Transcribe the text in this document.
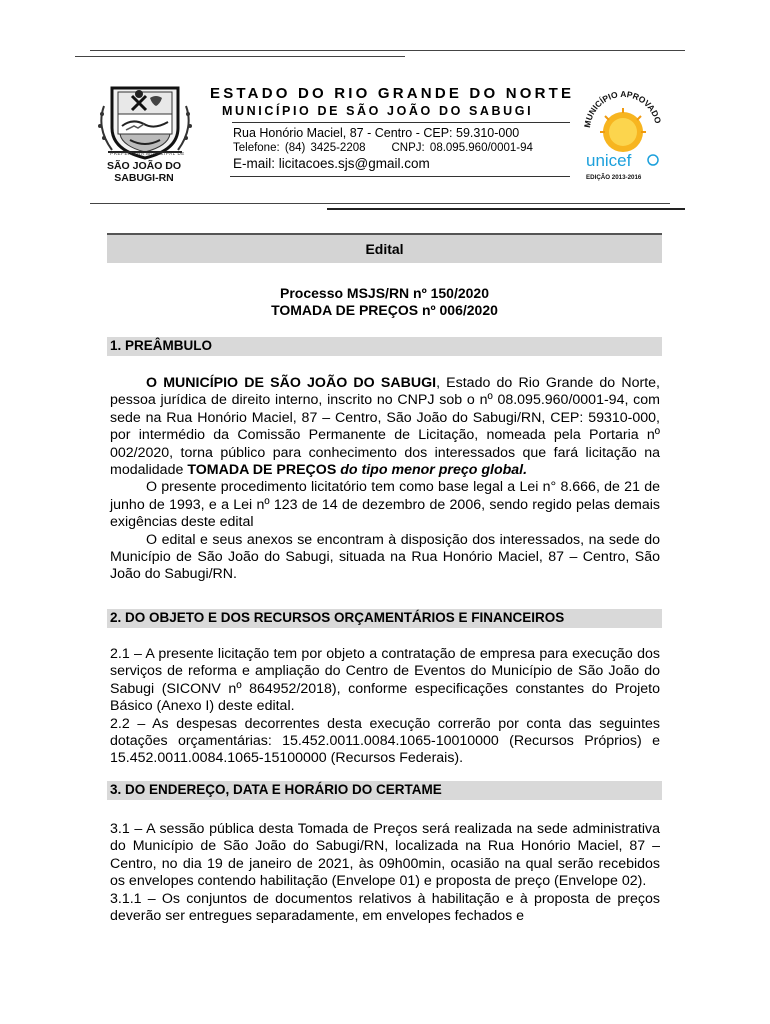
PREFEITURA MUNICIPAL DE
SÃO JOÃO DO SABUGI-RN
ESTADO DO RIO GRANDE DO NORTE
MUNICÍPIO DE SÃO JOÃO DO SABUGI
Rua Honório Maciel, 87 - Centro - CEP: 59.310-000
Telefone: (84) 3425-2208 CNPJ: 08.095.960/0001-94
E-mail: licitacoes.sjs@gmail.com
MUNICÍPIO APROVADO
unicef
EDIÇÃO 2013-2016
Edital
Processo MSJS/RN nº 150/2020
TOMADA DE PREÇOS nº 006/2020
1. PREÂMBULO

O MUNICÍPIO DE SÃO JOÃO DO SABUGI, Estado do Rio Grande do Norte, pessoa jurídica de direito interno, inscrito no CNPJ sob o nº 08.095.960/0001-94, com sede na Rua Honório Maciel, 87 – Centro, São João do Sabugi/RN, CEP: 59310-000, por intermédio da Comissão Permanente de Licitação, nomeada pela Portaria nº 002/2020, torna público para conhecimento dos interessados que fará licitação na modalidade TOMADA DE PREÇOS do tipo menor preço global.

O presente procedimento licitatório tem como base legal a Lei n° 8.666, de 21 de junho de 1993, e a Lei nº 123 de 14 de dezembro de 2006, sendo regido pelas demais exigências deste edital

O edital e seus anexos se encontram à disposição dos interessados, na sede do Município de São João do Sabugi, situada na Rua Honório Maciel, 87 – Centro, São João do Sabugi/RN.

2. DO OBJETO E DOS RECURSOS ORÇAMENTÁRIOS E FINANCEIROS

2.1 – A presente licitação tem por objeto a contratação de empresa para execução dos serviços de reforma e ampliação do Centro de Eventos do Município de São João do Sabugi (SICONV nº 864952/2018), conforme especificações constantes do Projeto Básico (Anexo I) deste edital.

2.2 – As despesas decorrentes desta execução correrão por conta das seguintes dotações orçamentárias: 15.452.0011.0084.1065-10010000 (Recursos Próprios) e 15.452.0011.0084.1065-15100000 (Recursos Federais).

3. DO ENDEREÇO, DATA E HORÁRIO DO CERTAME

3.1 – A sessão pública desta Tomada de Preços será realizada na sede administrativa do Município de São João do Sabugi/RN, localizada na Rua Honório Maciel, 87 – Centro, no dia 19 de janeiro de 2021, às 09h00min, ocasião na qual serão recebidos os envelopes contendo habilitação (Envelope 01) e proposta de preço (Envelope 02).

3.1.1 – Os conjuntos de documentos relativos à habilitação e à proposta de preços deverão ser entregues separadamente, em envelopes fechados e
